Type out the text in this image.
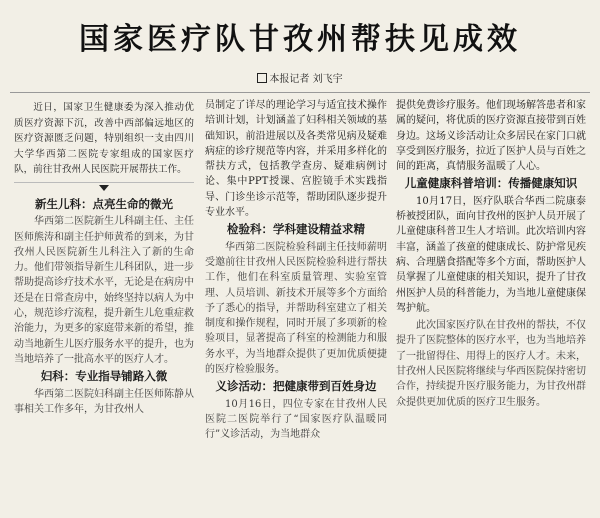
国家医疗队甘孜州帮扶见成效
本报记者 刘飞宇

近日，国家卫生健康委为深入推动优质医疗资源下沉，改善中西部偏远地区的医疗资源匮乏问题，特别组织一支由四川大学华西第二医院专家组成的国家医疗队，前往甘孜州人民医院开展帮扶工作。

新生儿科：点亮生命的微光

华西第二医院新生儿科副主任、主任医师熊涛和副主任护师黄希的到来，为甘孜州人民医院新生儿科注入了新的生命力。他们带领指导新生儿科团队，进一步帮助提高诊疗技术水平，无论是在病房中还是在日常查房中，始终坚持以病人为中心，规范诊疗流程，提升新生儿危重症救治能力，为更多的家庭带来新的希望，推动当地新生儿医疗服务水平的提升，也为当地培养了一批高水平的医疗人才。

妇科：专业指导铺路入微

华西第二医院妇科副主任医师陈静从事相关工作多年，为甘孜州人

员制定了详尽的理论学习与适宜技术操作培训计划，计划涵盖了妇科相关领域的基础知识，前沿进展以及各类常见病及疑难病症的诊疗规范等内容，并采用多样化的帮扶方式，包括教学查房、疑难病例讨论、集中PPT授课、宫腔镜手术实践指导、门诊坐诊示范等，帮助团队逐步提升专业水平。

检验科：学科建设精益求精

华西第二医院检验科副主任技师薪明受邀前往甘孜州人民医院检验科进行帮扶工作，他们在科室质量管理、实验室管理、人员培训、新技术开展等多个方面给予了悉心的指导，并帮助科室建立了相关制度和操作规程，同时开展了多项新的检验项目，显著提高了科室的检测能力和服务水平，为当地群众提供了更加优质便捷的医疗检验服务。

义诊活动：把健康带到百姓身边

10月16日，四位专家在甘孜州人民医院二医院举行了“国家医疗队温暖同行”义诊活动，为当地群众

提供免费诊疗服务。他们现场解答患者和家属的疑问，将优质的医疗资源直接带到百姓身边。这场义诊活动让众多居民在家门口就享受到医疗服务，拉近了医护人员与百姓之间的距离，真情服务温暖了人心。

儿童健康科普培训：传播健康知识

10月17日，医疗队联合华西二院康泰桥被授团队，面向甘孜州的医护人员开展了儿童健康科普卫生人才培训。此次培训内容丰富，涵盖了孩童的健康成长、防护常见疾病、合理膳食搭配等多个方面，帮助医护人员掌握了儿童健康的相关知识，提升了甘孜州医护人员的科普能力，为当地儿童健康保驾护航。

此次国家医疗队在甘孜州的帮扶，不仅提升了医院整体的医疗水平，也为当地培养了一批留得住、用得上的医疗人才。未来，甘孜州人民医院将继续与华西医院保持密切合作，持续提升医疗服务能力，为甘孜州群众提供更加优质的医疗卫生服务。
